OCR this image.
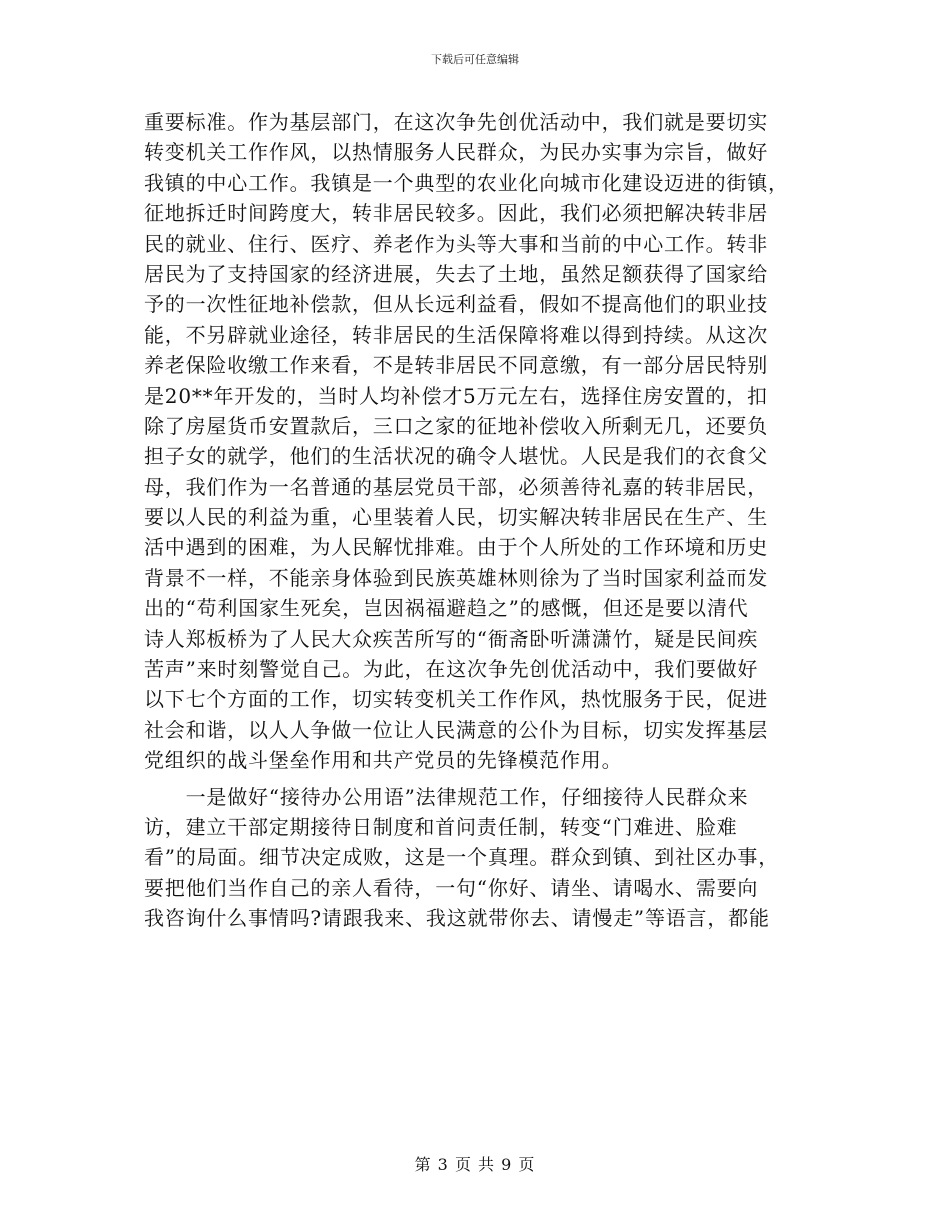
下载后可任意编辑
重要标准。作为基层部门，在这次争先创优活动中，我们就是要切实
转变机关工作作风，以热情服务人民群众，为民办实事为宗旨，做好
我镇的中心工作。我镇是一个典型的农业化向城市化建设迈进的街镇，
征地拆迁时间跨度大，转非居民较多。因此，我们必须把解决转非居
民的就业、住行、医疗、养老作为头等大事和当前的中心工作。转非
居民为了支持国家的经济进展，失去了土地，虽然足额获得了国家给
予的一次性征地补偿款，但从长远利益看，假如不提高他们的职业技
能，不另辟就业途径，转非居民的生活保障将难以得到持续。从这次
养老保险收缴工作来看，不是转非居民不同意缴，有一部分居民特别
是20**年开发的，当时人均补偿才5万元左右，选择住房安置的，扣
除了房屋货币安置款后，三口之家的征地补偿收入所剩无几，还要负
担子女的就学，他们的生活状况的确令人堪忧。人民是我们的衣食父
母，我们作为一名普通的基层党员干部，必须善待礼嘉的转非居民，
要以人民的利益为重，心里装着人民，切实解决转非居民在生产、生
活中遇到的困难，为人民解忧排难。由于个人所处的工作环境和历史
背景不一样，不能亲身体验到民族英雄林则徐为了当时国家利益而发
出的“苟利国家生死矣，岂因祸福避趋之”的感慨，但还是要以清代
诗人郑板桥为了人民大众疾苦所写的“衙斋卧听潇潇竹，疑是民间疾
苦声”来时刻警觉自己。为此，在这次争先创优活动中，我们要做好
以下七个方面的工作，切实转变机关工作作风，热忱服务于民，促进
社会和谐，以人人争做一位让人民满意的公仆为目标，切实发挥基层
党组织的战斗堡垒作用和共产党员的先锋模范作用。
　　一是做好“接待办公用语”法律规范工作，仔细接待人民群众来
访，建立干部定期接待日制度和首问责任制，转变“门难进、脸难
看”的局面。细节决定成败，这是一个真理。群众到镇、到社区办事，
要把他们当作自己的亲人看待，一句“你好、请坐、请喝水、需要向
我咨询什么事情吗?请跟我来、我这就带你去、请慢走”等语言，都能
第 3 页 共 9 页
